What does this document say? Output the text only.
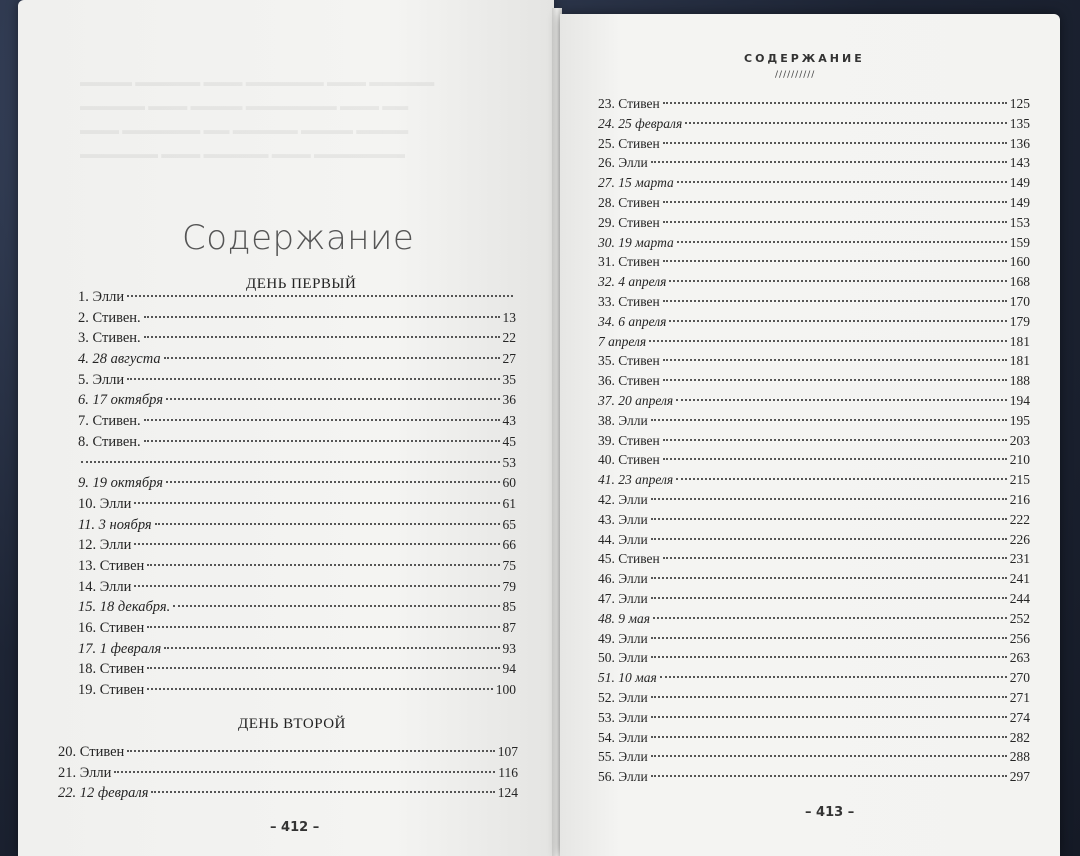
▬▬▬▬ ▬▬▬▬▬ ▬▬▬ ▬▬▬▬▬▬ ▬▬▬ ▬▬▬▬▬
▬▬▬▬▬ ▬▬▬ ▬▬▬▬ ▬▬▬▬▬▬▬ ▬▬▬ ▬▬
▬▬▬ ▬▬▬▬▬▬ ▬▬ ▬▬▬▬▬ ▬▬▬▬ ▬▬▬▬
▬▬▬▬▬▬ ▬▬▬ ▬▬▬▬▬ ▬▬▬ ▬▬▬▬▬▬▬
Содержание
ДЕНЬ ПЕРВЫЙ
1. Элли
2. Стивен.	13
3. Стивен.	22
4. 28 августа	27
5. Элли	35
6. 17 октября	36
7. Стивен.	43
8. Стивен.	45
53
9. 19 октября	60
10. Элли	61
11. 3 ноября	65
12. Элли	66
13. Стивен	75
14. Элли	79
15. 18 декабря.	85
16. Стивен	87
17. 1 февраля	93
18. Стивен	94
19. Стивен	100
ДЕНЬ ВТОРОЙ
20. Стивен	107
21. Элли	116
22. 12 февраля	124
– 412 –
СОДЕРЖАНИЕ
//////////
23. Стивен	125
24. 25 февраля	135
25. Стивен	136
26. Элли	143
27. 15 марта	149
28. Стивен	149
29. Стивен	153
30. 19 марта	159
31. Стивен	160
32. 4 апреля	168
33. Стивен	170
34. 6 апреля	179
7 апреля	181
35. Стивен	181
36. Стивен	188
37. 20 апреля	194
38. Элли	195
39. Стивен	203
40. Стивен	210
41. 23 апреля	215
42. Элли	216
43. Элли	222
44. Элли	226
45. Стивен	231
46. Элли	241
47. Элли	244
48. 9 мая	252
49. Элли	256
50. Элли	263
51. 10 мая	270
52. Элли	271
53. Элли	274
54. Элли	282
55. Элли	288
56. Элли	297
– 413 –
